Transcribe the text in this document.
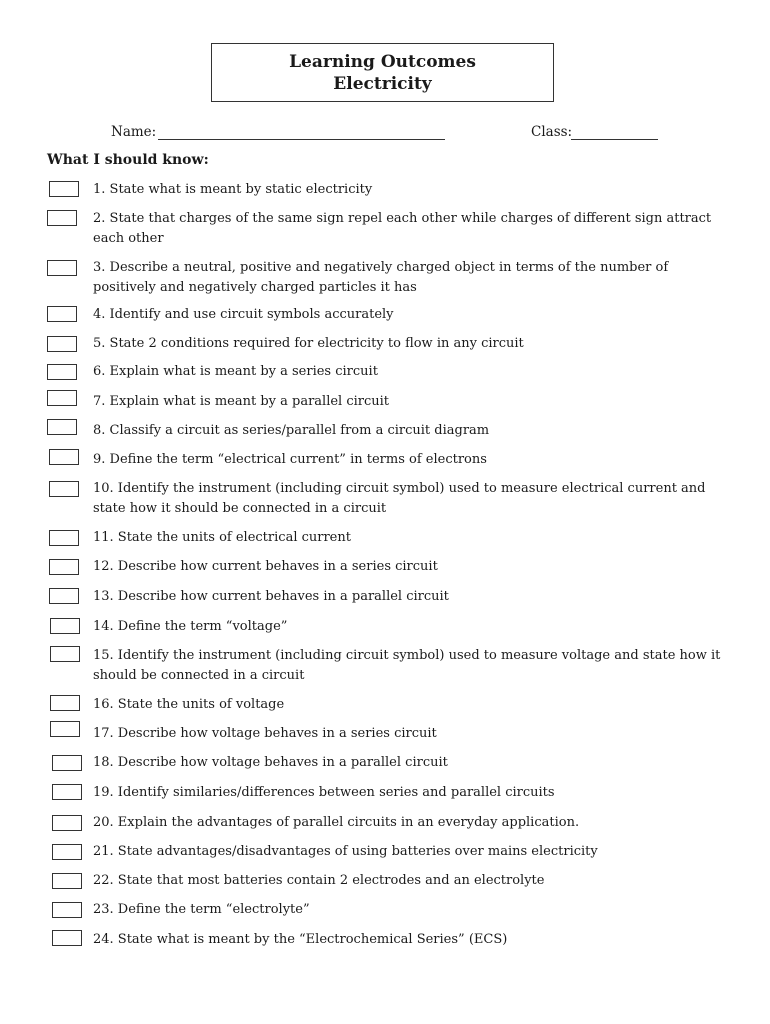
Learning Outcomes
Electricity
Name:	Class:
What I should know:
1. State what is meant by static electricity
2. State that charges of the same sign repel each other while charges of different sign attract each other
3. Describe a neutral, positive and negatively charged object in terms of the number of positively and negatively charged particles it has
4. Identify and use circuit symbols accurately
5. State 2 conditions required for electricity to flow in any circuit
6. Explain what is meant by a series circuit
7. Explain what is meant by a parallel circuit
8. Classify a circuit as series/parallel from a circuit diagram
9. Define the term “electrical current” in terms of electrons
10. Identify the instrument (including circuit symbol) used to measure electrical current and state how it should be connected in a circuit
11. State the units of electrical current
12. Describe how current behaves in a series circuit
13. Describe how current behaves in a parallel circuit
14. Define the term “voltage”
15. Identify the instrument (including circuit symbol) used to measure voltage and state how it should be connected in a circuit
16. State the units of voltage
17. Describe how voltage behaves in a series circuit
18. Describe how voltage behaves in a parallel circuit
19. Identify similaries/differences between series and parallel circuits
20. Explain the advantages of parallel circuits in an everyday application.
21. State advantages/disadvantages of using batteries over mains electricity
22. State that most batteries contain 2 electrodes and an electrolyte
23. Define the term “electrolyte”
24. State what is meant by the “Electrochemical Series” (ECS)
